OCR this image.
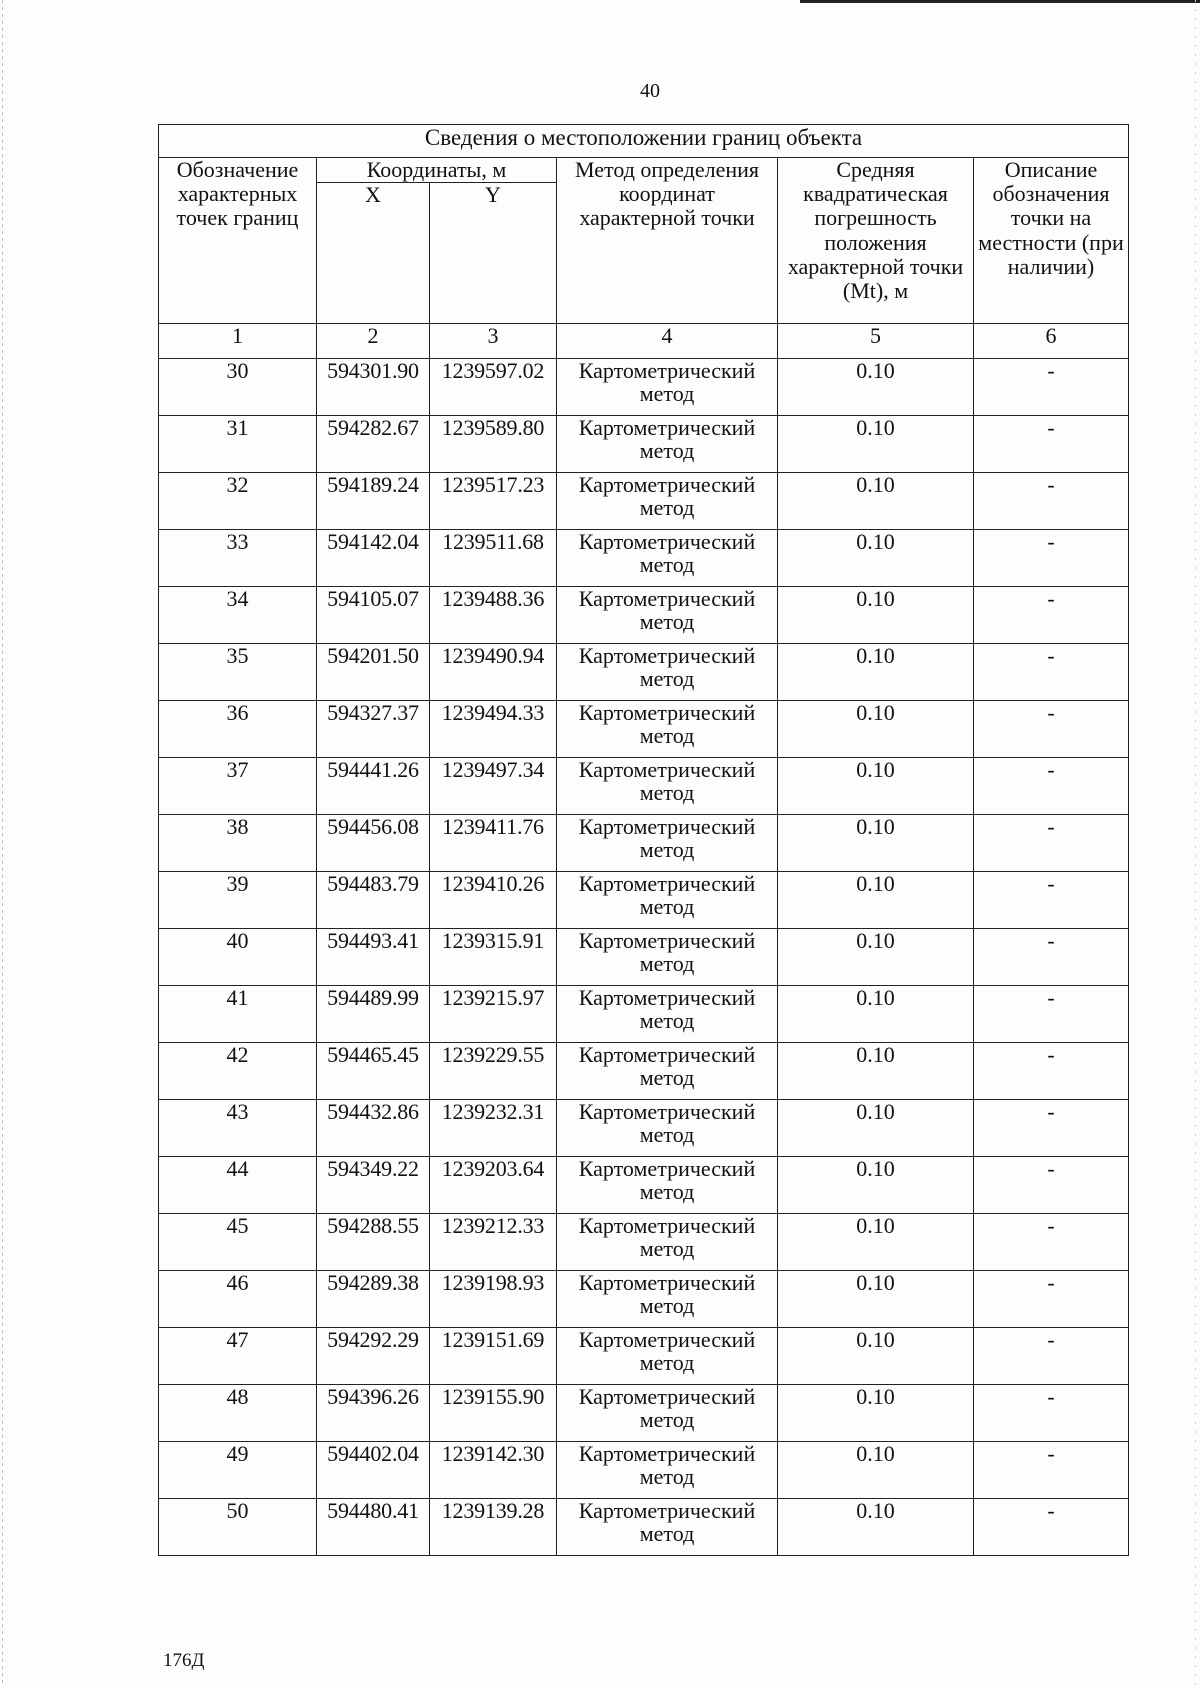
40
Сведения о местоположении границ объекта					
Обозначение характерных точек границ	Координаты, м		Метод определения координат характерной точки	Средняя квадратическая погрешность положения характерной точки (Mt), м	Описание обозначения точки на местности (при наличии)
	X	Y			
1	2	3	4	5	6
30	594301.90	1239597.02	Картометрический метод	0.10	-
31	594282.67	1239589.80	Картометрический метод	0.10	-
32	594189.24	1239517.23	Картометрический метод	0.10	-
33	594142.04	1239511.68	Картометрический метод	0.10	-
34	594105.07	1239488.36	Картометрический метод	0.10	-
35	594201.50	1239490.94	Картометрический метод	0.10	-
36	594327.37	1239494.33	Картометрический метод	0.10	-
37	594441.26	1239497.34	Картометрический метод	0.10	-
38	594456.08	1239411.76	Картометрический метод	0.10	-
39	594483.79	1239410.26	Картометрический метод	0.10	-
40	594493.41	1239315.91	Картометрический метод	0.10	-
41	594489.99	1239215.97	Картометрический метод	0.10	-
42	594465.45	1239229.55	Картометрический метод	0.10	-
43	594432.86	1239232.31	Картометрический метод	0.10	-
44	594349.22	1239203.64	Картометрический метод	0.10	-
45	594288.55	1239212.33	Картометрический метод	0.10	-
46	594289.38	1239198.93	Картометрический метод	0.10	-
47	594292.29	1239151.69	Картометрический метод	0.10	-
48	594396.26	1239155.90	Картометрический метод	0.10	-
49	594402.04	1239142.30	Картометрический метод	0.10	-
50	594480.41	1239139.28	Картометрический метод	0.10	-
176Д
